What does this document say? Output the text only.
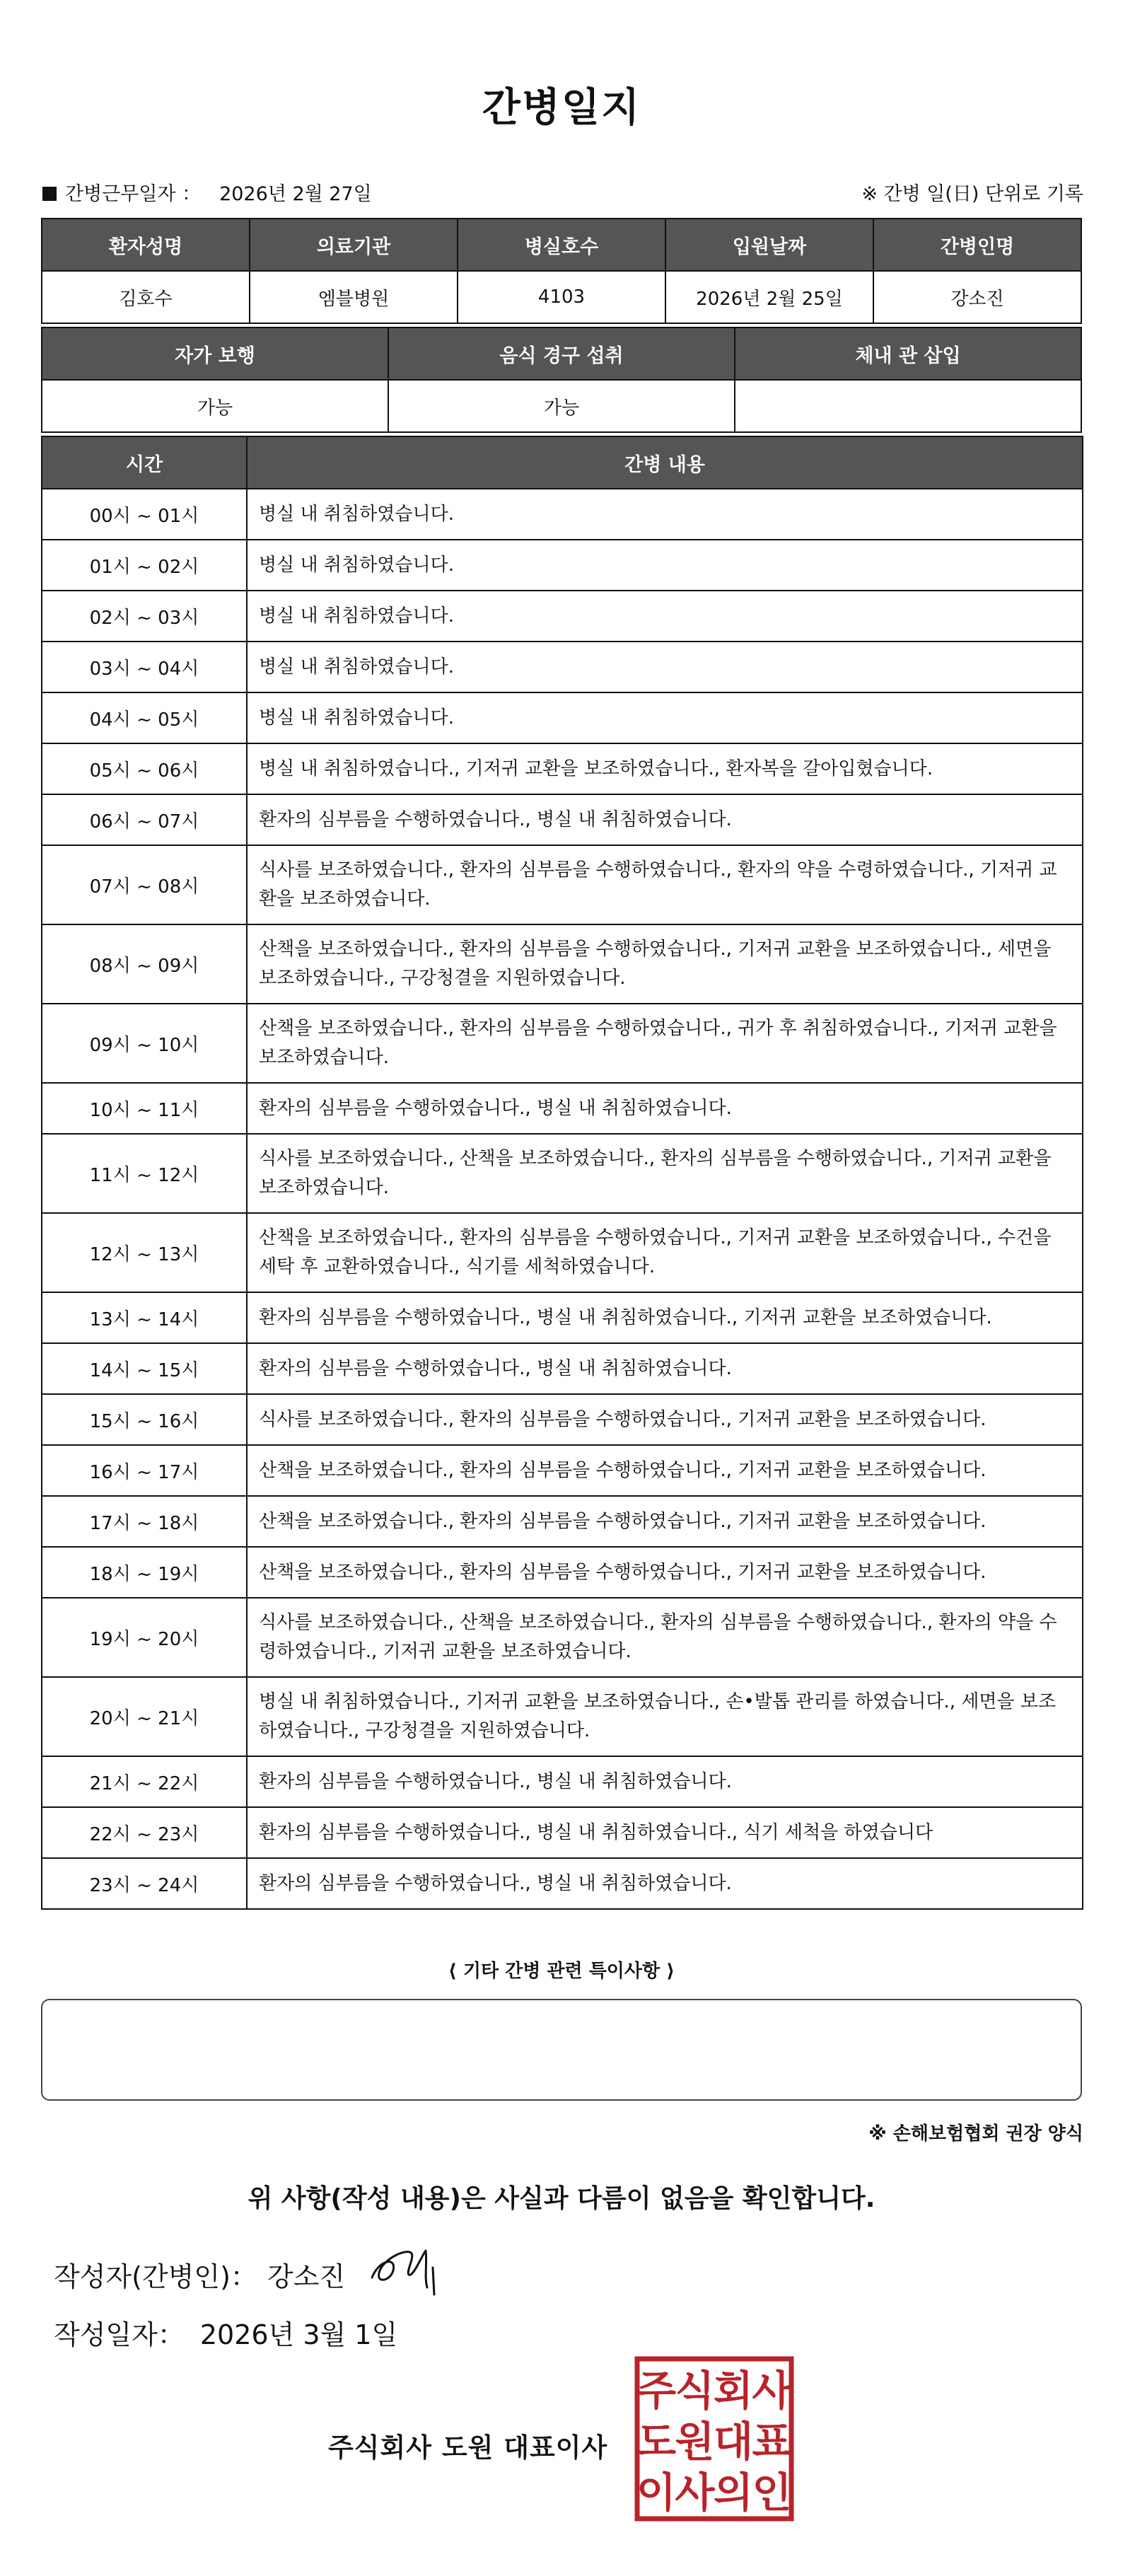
간병일지
간병근무일자 ： 2026년 2월 27일	※ 간병 일(日) 단위로 기록
환자성명	의료기관	병실호수	입원날짜	간병인명
김호수	엠블병원	4103	2026년 2월 25일	강소진
자가 보행	음식 경구 섭취	체내 관 삽입
가능	가능	
시간	간병 내용
00시 ~ 01시	병실 내 취침하였습니다.
01시 ~ 02시	병실 내 취침하였습니다.
02시 ~ 03시	병실 내 취침하였습니다.
03시 ~ 04시	병실 내 취침하였습니다.
04시 ~ 05시	병실 내 취침하였습니다.
05시 ~ 06시	병실 내 취침하였습니다., 기저귀 교환을 보조하였습니다., 환자복을 갈아입혔습니다.
06시 ~ 07시	환자의 심부름을 수행하였습니다., 병실 내 취침하였습니다.
07시 ~ 08시	식사를 보조하였습니다., 환자의 심부름을 수행하였습니다., 환자의 약을 수령하였습니다., 기저귀 교환을 보조하였습니다.
08시 ~ 09시	산책을 보조하였습니다., 환자의 심부름을 수행하였습니다., 기저귀 교환을 보조하였습니다., 세면을 보조하였습니다., 구강청결을 지원하였습니다.
09시 ~ 10시	산책을 보조하였습니다., 환자의 심부름을 수행하였습니다., 귀가 후 취침하였습니다., 기저귀 교환을 보조하였습니다.
10시 ~ 11시	환자의 심부름을 수행하였습니다., 병실 내 취침하였습니다.
11시 ~ 12시	식사를 보조하였습니다., 산책을 보조하였습니다., 환자의 심부름을 수행하였습니다., 기저귀 교환을 보조하였습니다.
12시 ~ 13시	산책을 보조하였습니다., 환자의 심부름을 수행하였습니다., 기저귀 교환을 보조하였습니다., 수건을 세탁 후 교환하였습니다., 식기를 세척하였습니다.
13시 ~ 14시	환자의 심부름을 수행하였습니다., 병실 내 취침하였습니다., 기저귀 교환을 보조하였습니다.
14시 ~ 15시	환자의 심부름을 수행하였습니다., 병실 내 취침하였습니다.
15시 ~ 16시	식사를 보조하였습니다., 환자의 심부름을 수행하였습니다., 기저귀 교환을 보조하였습니다.
16시 ~ 17시	산책을 보조하였습니다., 환자의 심부름을 수행하였습니다., 기저귀 교환을 보조하였습니다.
17시 ~ 18시	산책을 보조하였습니다., 환자의 심부름을 수행하였습니다., 기저귀 교환을 보조하였습니다.
18시 ~ 19시	산책을 보조하였습니다., 환자의 심부름을 수행하였습니다., 기저귀 교환을 보조하였습니다.
19시 ~ 20시	식사를 보조하였습니다., 산책을 보조하였습니다., 환자의 심부름을 수행하였습니다., 환자의 약을 수령하였습니다., 기저귀 교환을 보조하였습니다.
20시 ~ 21시	병실 내 취침하였습니다., 기저귀 교환을 보조하였습니다., 손•발톱 관리를 하였습니다., 세면을 보조하였습니다., 구강청결을 지원하였습니다.
21시 ~ 22시	환자의 심부름을 수행하였습니다., 병실 내 취침하였습니다.
22시 ~ 23시	환자의 심부름을 수행하였습니다., 병실 내 취침하였습니다., 식기 세척을 하였습니다
23시 ~ 24시	환자의 심부름을 수행하였습니다., 병실 내 취침하였습니다.
⟨ 기타 간병 관련 특이사항 ⟩
※ 손해보험협회 권장 양식
위 사항(작성 내용)은 사실과 다름이 없음을 확인합니다.
작성자(간병인)： 강소진
작성일자： 2026년 3월 1일
주식회사 도원 대표이사
주
식
회
사
도
원
대
표
이
사
의
인
